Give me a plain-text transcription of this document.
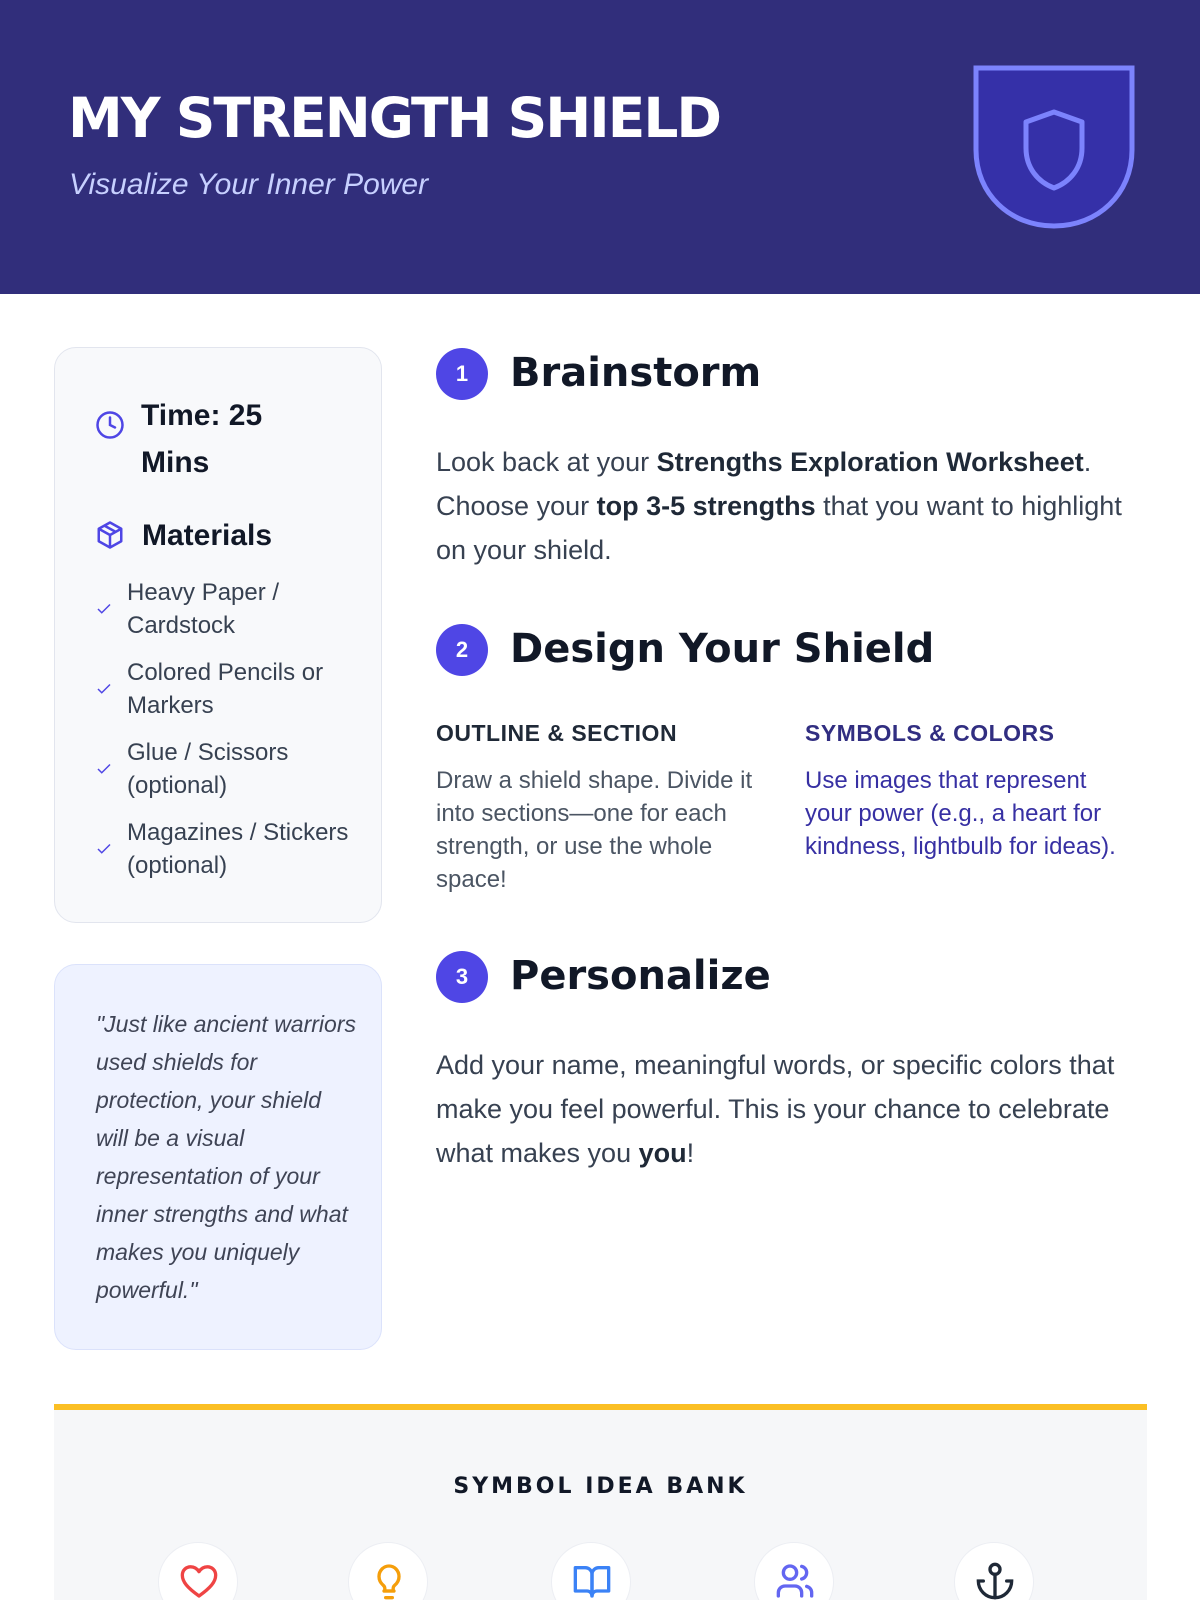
MY STRENGTH SHIELD
Visualize Your Inner Power
Time: 25 Mins
Materials
Heavy Paper / Cardstock
Colored Pencils or Markers
Glue / Scissors (optional)
Magazines / Stickers (optional)

"Just like ancient warriors used shields for protection, your shield will be a visual representation of your inner strengths and what makes you uniquely powerful."

1	Brainstorm
Look back at your Strengths Exploration Worksheet. Choose your top 3-5 strengths that you want to highlight on your shield.
2	Design Your Shield
OUTLINE & SECTION
Draw a shield shape. Divide it into sections—one for each strength, or use the whole space!
SYMBOLS & COLORS
Use images that represent your power (e.g., a heart for kindness, lightbulb for ideas).
3	Personalize
Add your name, meaningful words, or specific colors that make you feel powerful. This is your chance to celebrate what makes you you!
SYMBOL IDEA BANK
